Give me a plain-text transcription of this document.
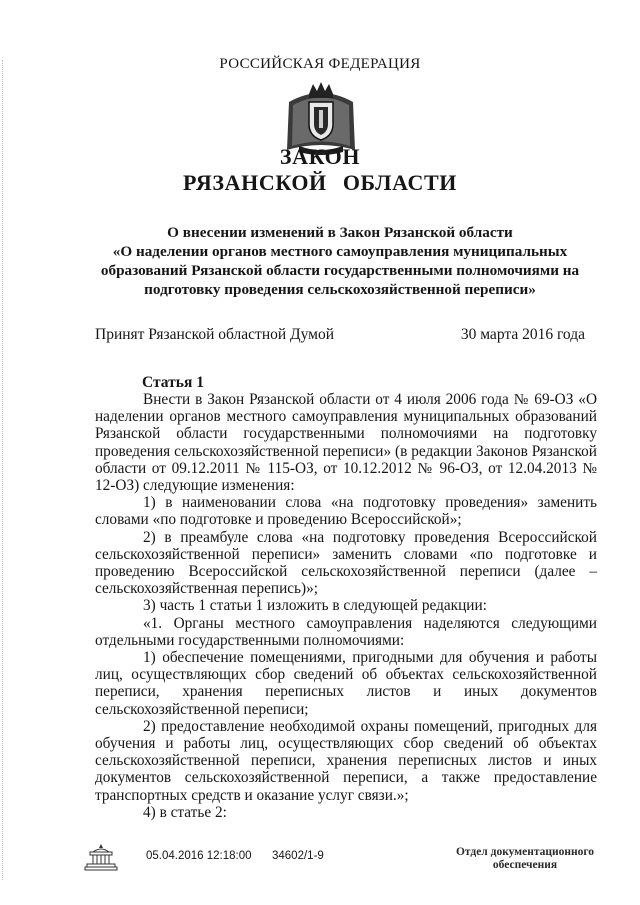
РОССИЙСКАЯ ФЕДЕРАЦИЯ
ЗАКОН
РЯЗАНСКОЙ ОБЛАСТИ
О внесении изменений в Закон Рязанской области
«О наделении органов местного самоуправления муниципальных
образований Рязанской области государственными полномочиями на
подготовку проведения сельскохозяйственной переписи»
Принят Рязанской областной Думой	30 марта 2016 года
Статья 1

Внести в Закон Рязанской области от 4 июля 2006 года № 69-ОЗ «О наделении органов местного самоуправления муниципальных образований Рязанской области государственными полномочиями на подготовку проведения сельскохозяйственной переписи» (в редакции Законов Рязанской области от 09.12.2011 № 115-ОЗ, от 10.12.2012 № 96-ОЗ, от 12.04.2013 № 12-ОЗ) следующие изменения:

1) в наименовании слова «на подготовку проведения» заменить словами «по подготовке и проведению Всероссийской»;

2) в преамбуле слова «на подготовку проведения Всероссийской сельскохозяйственной переписи» заменить словами «по подготовке и проведению Всероссийской сельскохозяйственной переписи (далее – сельскохозяйственная перепись)»;

3) часть 1 статьи 1 изложить в следующей редакции:

«1. Органы местного самоуправления наделяются следующими отдельными государственными полномочиями:

1) обеспечение помещениями, пригодными для обучения и работы лиц, осуществляющих сбор сведений об объектах сельскохозяйственной переписи, хранения переписных листов и иных документов сельскохозяйственной переписи;

2) предоставление необходимой охраны помещений, пригодных для обучения и работы лиц, осуществляющих сбор сведений об объектах сельскохозяйственной переписи, хранения переписных листов и иных документов сельскохозяйственной переписи, а также предоставление транспортных средств и оказание услуг связи.»;

4) в статье 2:

05.04.2016 12:18:00 34602/1-9	Отдел документационного
обеспечения
